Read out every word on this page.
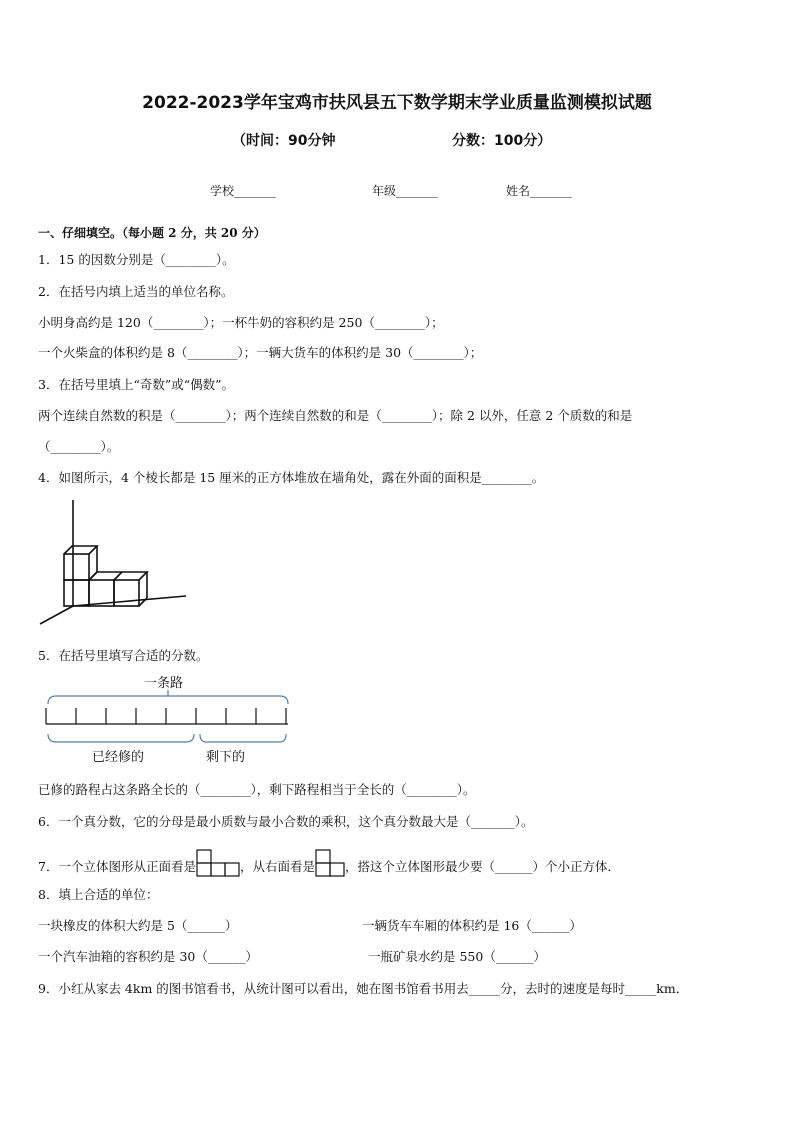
2022-2023学年宝鸡市扶风县五下数学期末学业质量监测模拟试题
（时间：90分钟	分数：100分）
学校_______	年级_______	姓名_______
一、仔细填空。（每小题 2 分，共 20 分）
1．15 的因数分别是（________）。
2．在括号内填上适当的单位名称。
小明身高约是 120（________）；一杯牛奶的容积约是 250（________）；
一个火柴盒的体积约是 8（________）；一辆大货车的体积约是 30（________）；
3．在括号里填上“奇数”或“偶数”。
两个连续自然数的积是（________）；两个连续自然数的和是（________）；除 2 以外，任意 2 个质数的和是
（________）。
4．如图所示，4 个棱长都是 15 厘米的正方体堆放在墙角处，露在外面的面积是________。
5．在括号里填写合适的分数。
一条路
已经修的	剩下的
已修的路程占这条路全长的（________），剩下路程相当于全长的（________）。
6．一个真分数，它的分母是最小质数与最小合数的乘积，这个真分数最大是（_______）。
7．一个立体图形从正面看是	，从右面看是 ，搭这个立体图形最少要（______）个小正方体．
8．填上合适的单位：
一块橡皮的体积大约是 5（______）	一辆货车车厢的体积约是 16（______）
一个汽车油箱的容积约是 30（______）	一瓶矿泉水约是 550（______）
9．小红从家去 4km 的图书馆看书，从统计图可以看出，她在图书馆看书用去_____分，去时的速度是每时_____km．
